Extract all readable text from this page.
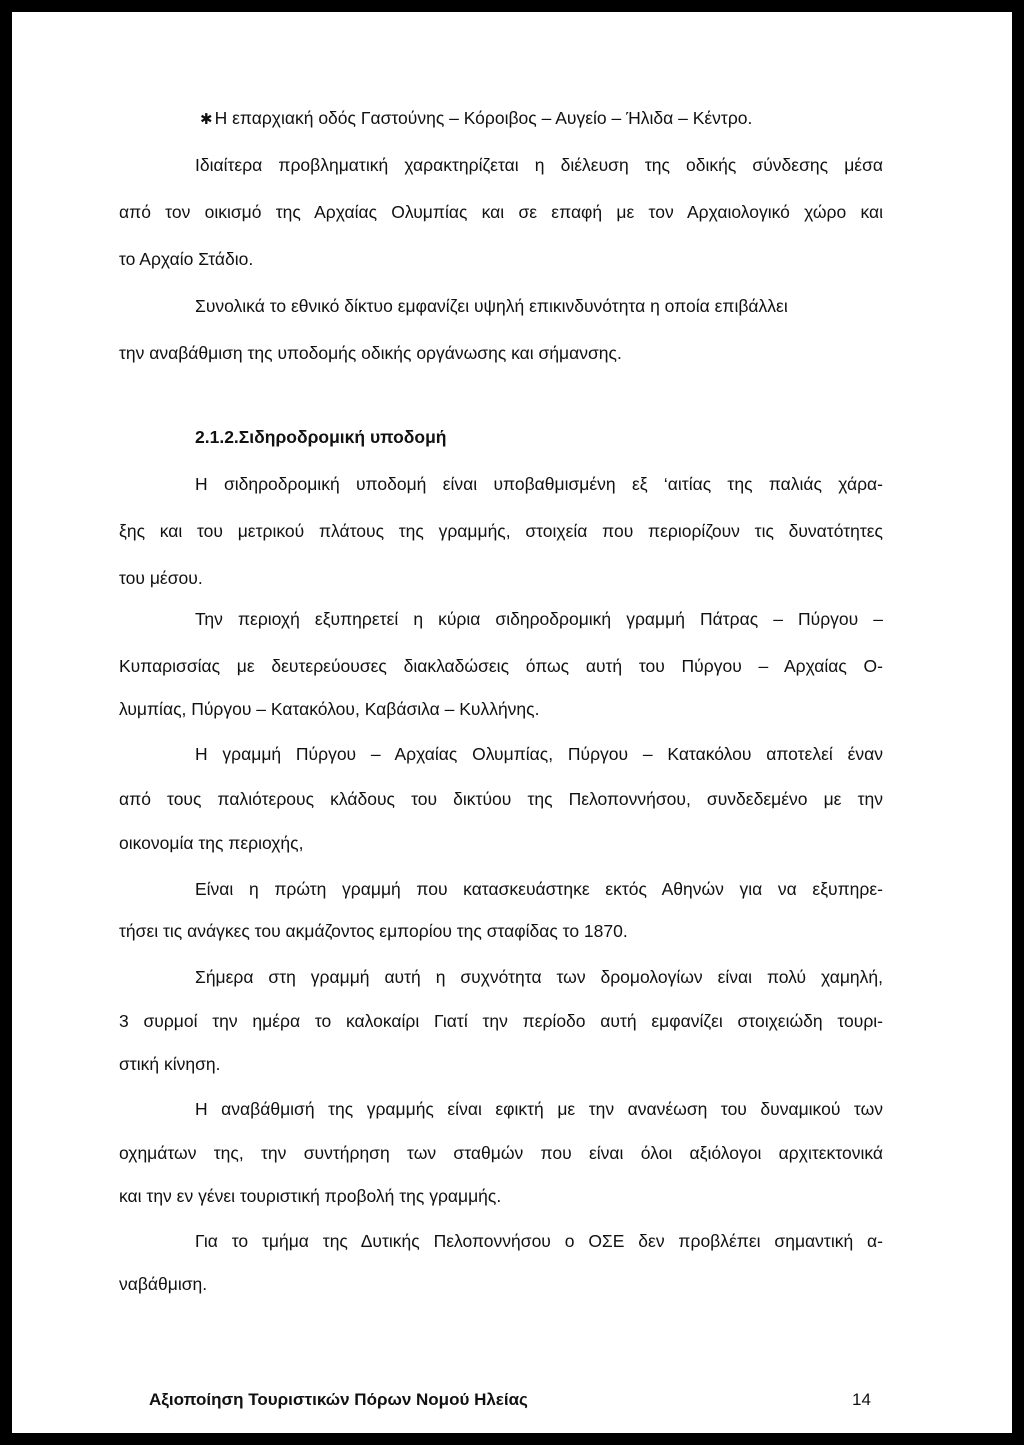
✱ Η επαρχιακή οδός Γαστούνης – Κόροιβος – Αυγείο – Ήλιδα – Κέντρο.

Ιδιαίτερα προβληματική χαρακτηρίζεται η διέλευση της οδικής σύνδεσης μέσα

από τον οικισμό της Αρχαίας Ολυμπίας και σε επαφή με τον Αρχαιολογικό χώρο και

το Αρχαίο Στάδιο.

Συνολικά το εθνικό δίκτυο εμφανίζει υψηλή επικινδυνότητα η οποία επιβάλλει

την αναβάθμιση της υποδομής οδικής οργάνωσης και σήμανσης.

2.1.2.Σιδηροδρομική υποδομή

Η σιδηροδρομική υποδομή είναι υποβαθμισμένη εξ ‘αιτίας της παλιάς χάρα-

ξης και του μετρικού πλάτους της γραμμής, στοιχεία που περιορίζουν τις δυνατότητες

του μέσου.

Την περιοχή εξυπηρετεί η κύρια σιδηροδρομική γραμμή Πάτρας – Πύργου –

Κυπαρισσίας με δευτερεύουσες διακλαδώσεις όπως αυτή του Πύργου – Αρχαίας Ο-

λυμπίας, Πύργου – Κατακόλου, Καβάσιλα – Κυλλήνης.

Η γραμμή Πύργου – Αρχαίας Ολυμπίας, Πύργου – Κατακόλου αποτελεί έναν

από τους παλιότερους κλάδους του δικτύου της Πελοποννήσου, συνδεδεμένο με την

οικονομία της περιοχής,

Είναι η πρώτη γραμμή που κατασκευάστηκε εκτός Αθηνών για να εξυπηρε-

τήσει τις ανάγκες του ακμάζοντος εμπορίου της σταφίδας το 1870.

Σήμερα στη γραμμή αυτή η συχνότητα των δρομολογίων είναι πολύ χαμηλή,

3 συρμοί την ημέρα το καλοκαίρι Γιατί την περίοδο αυτή εμφανίζει στοιχειώδη τουρι-

στική κίνηση.

Η αναβάθμισή της γραμμής είναι εφικτή με την ανανέωση του δυναμικού των

οχημάτων της, την συντήρηση των σταθμών που είναι όλοι αξιόλογοι αρχιτεκτονικά

και την εν γένει τουριστική προβολή της γραμμής.

Για το τμήμα της Δυτικής Πελοποννήσου ο ΟΣΕ δεν προβλέπει σημαντική α-

ναβάθμιση.

Αξιοποίηση Τουριστικών Πόρων Νομού Ηλείας	14
